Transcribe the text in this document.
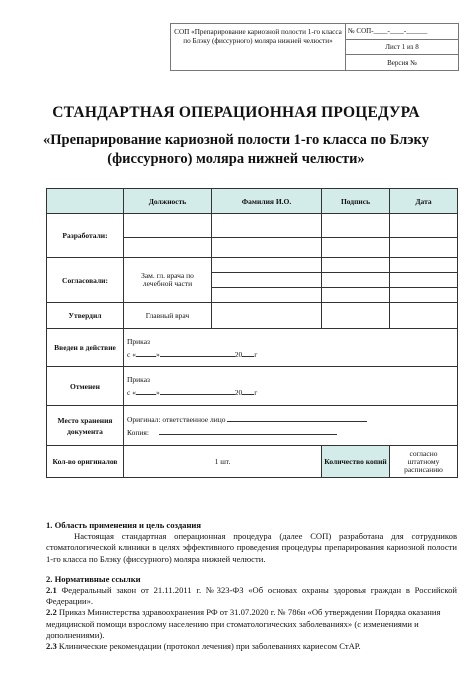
СОП «Препарирование кариозной полости 1-го класса по Блэку (фиссурного) моляра нижней челюсти»
№ СОП-____-____-______
Лист 1 из 8
Версия №
СТАНДАРТНАЯ ОПЕРАЦИОННАЯ ПРОЦЕДУРА
«Препарирование кариозной полости 1-го класса по Блэку (фиссурного) моляра нижней челюсти»
	Должность	Фамилия И.О.	Подпись	Дата
Разработали:				

Согласовали:	Зам. гл. врача по лечебной части			

Утвердил	Главный врач			
Введен в действие	Приказ
с « » 20 г			

Отменен	Приказ
с « » 20 г			

Место хранения документа	Оригинал: ответственное лицо
Копия:			

Кол-во оригиналов	1 шт.		Количество копий	согласно штатному расписанию

1. Область применения и цель создания

Настоящая стандартная операционная процедура (далее СОП) разработана для сотрудников стоматологической клиники в целях эффективного проведения процедуры препарирования кариозной полости 1-го класса по Блэку (фиссурного) моляра нижней челюсти.

2. Нормативные ссылки

2.1 Федеральный закон от 21.11.2011 г. №323-ФЗ «Об основах охраны здоровья граждан в Российской Федерации».

2.2 Приказ Министерства здравоохранения РФ от 31.07.2020 г. № 786н «Об утверждении Порядка оказания медицинской помощи взрослому населению при стоматологических заболеваниях» (с изменениями и дополнениями).

2.3 Клинические рекомендации (протокол лечения) при заболеваниях кариесом СтАР.
